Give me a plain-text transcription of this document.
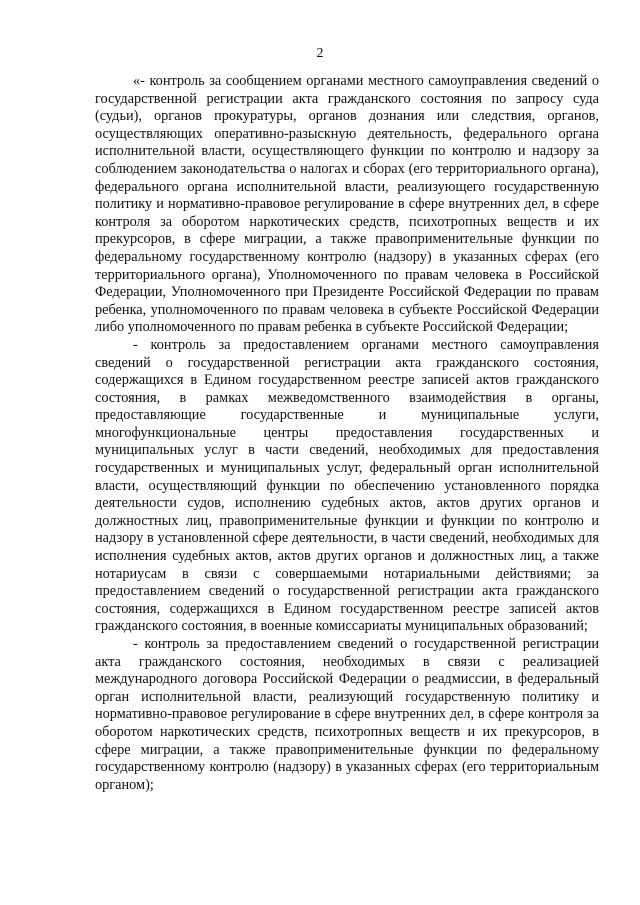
2

«- контроль за сообщением органами местного самоуправления сведений о государственной регистрации акта гражданского состояния по запросу суда (судьи), органов прокуратуры, органов дознания или следствия, органов, осуществляющих оперативно-разыскную деятельность, федерального органа исполнительной власти, осуществляющего функции по контролю и надзору за соблюдением законодательства о налогах и сборах (его территориального органа), федерального органа исполнительной власти, реализующего государственную политику и нормативно-правовое регулирование в сфере внутренних дел, в сфере контроля за оборотом наркотических средств, психотропных веществ и их прекурсоров, в сфере миграции, а также правоприменительные функции по федеральному государственному контролю (надзору) в указанных сферах (его территориального органа), Уполномоченного по правам человека в Российской Федерации, Уполномоченного при Президенте Российской Федерации по правам ребенка, уполномоченного по правам человека в субъекте Российской Федерации либо уполномоченного по правам ребенка в субъекте Российской Федерации;

- контроль за предоставлением органами местного самоуправления сведений о государственной регистрации акта гражданского состояния, содержащихся в Едином государственном реестре записей актов гражданского состояния, в рамках межведомственного взаимодействия в органы, предоставляющие государственные и муниципальные услуги, многофункциональные центры предоставления государственных и муниципальных услуг в части сведений, необходимых для предоставления государственных и муниципальных услуг, федеральный орган исполнительной власти, осуществляющий функции по обеспечению установленного порядка деятельности судов, исполнению судебных актов, актов других органов и должностных лиц, правоприменительные функции и функции по контролю и надзору в установленной сфере деятельности, в части сведений, необходимых для исполнения судебных актов, актов других органов и должностных лиц, а также нотариусам в связи с совершаемыми нотариальными действиями; за предоставлением сведений о государственной регистрации акта гражданского состояния, содержащихся в Едином государственном реестре записей актов гражданского состояния, в военные комиссариаты муниципальных образований;

- контроль за предоставлением сведений о государственной регистрации акта гражданского состояния, необходимых в связи с реализацией международного договора Российской Федерации о реадмиссии, в федеральный орган исполнительной власти, реализующий государственную политику и нормативно-правовое регулирование в сфере внутренних дел, в сфере контроля за оборотом наркотических средств, психотропных веществ и их прекурсоров, в сфере миграции, а также правоприменительные функции по федеральному государственному контролю (надзору) в указанных сферах (его территориальным органом);
